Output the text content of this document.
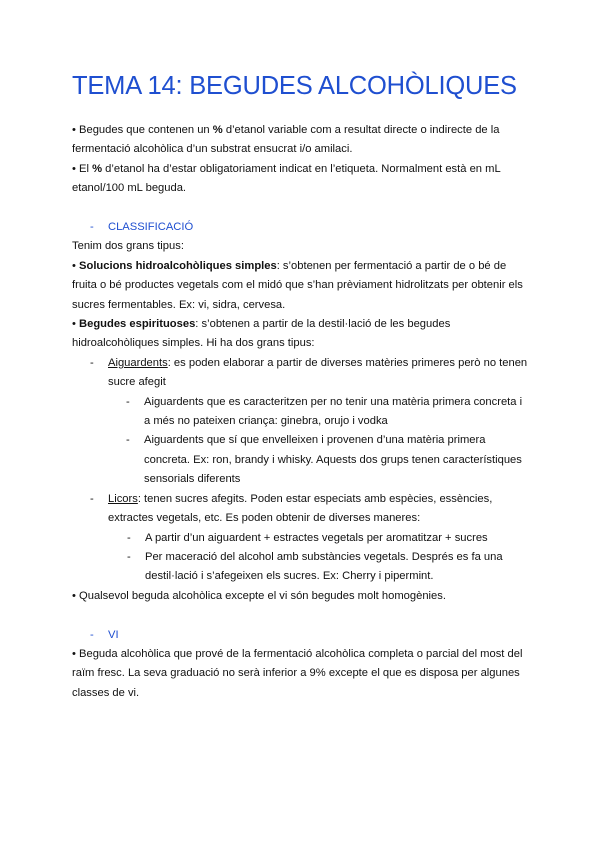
TEMA 14: BEGUDES ALCOHÒLIQUES

• Begudes que contenen un % d’etanol variable com a resultat directe o indirecte de la fermentació alcohòlica d’un substrat ensucrat i/o amilaci.

• El % d’etanol ha d’estar obligatoriament indicat en l’etiqueta. Normalment està en mL etanol/100 mL beguda.

-	CLASSIFICACIÓ

Tenim dos grans tipus:

• Solucions hidroalcohòliques simples: s’obtenen per fermentació a partir de o bé de fruita o bé productes vegetals com el midó que s’han prèviament hidrolitzats per obtenir els sucres fermentables. Ex: vi, sidra, cervesa.

• Begudes espirituoses: s’obtenen a partir de la destil·lació de les begudes hidroalcohòliques simples. Hi ha dos grans tipus:

-	Aiguardents: es poden elaborar a partir de diverses matèries primeres però no tenen sucre afegit
-	Aiguardents que es caracteritzen per no tenir una matèria primera concreta i a més no pateixen criança: ginebra, orujo i vodka
-	Aiguardents que sí que envelleixen i provenen d’una matèria primera concreta. Ex: ron, brandy i whisky. Aquests dos grups tenen característiques sensorials diferents
-	Licors: tenen sucres afegits. Poden estar especiats amb espècies, essències, extractes vegetals, etc. Es poden obtenir de diverses maneres:
-	A partir d’un aiguardent + estractes vegetals per aromatitzar + sucres
-	Per maceració del alcohol amb substàncies vegetals. Després es fa una destil·lació i s’afegeixen els sucres. Ex: Cherry i pipermint.

• Qualsevol beguda alcohòlica excepte el vi són begudes molt homogènies.

-	VI

• Beguda alcohòlica que prové de la fermentació alcohòlica completa o parcial del most del raïm fresc. La seva graduació no serà inferior a 9% excepte el que es disposa per algunes classes de vi.
